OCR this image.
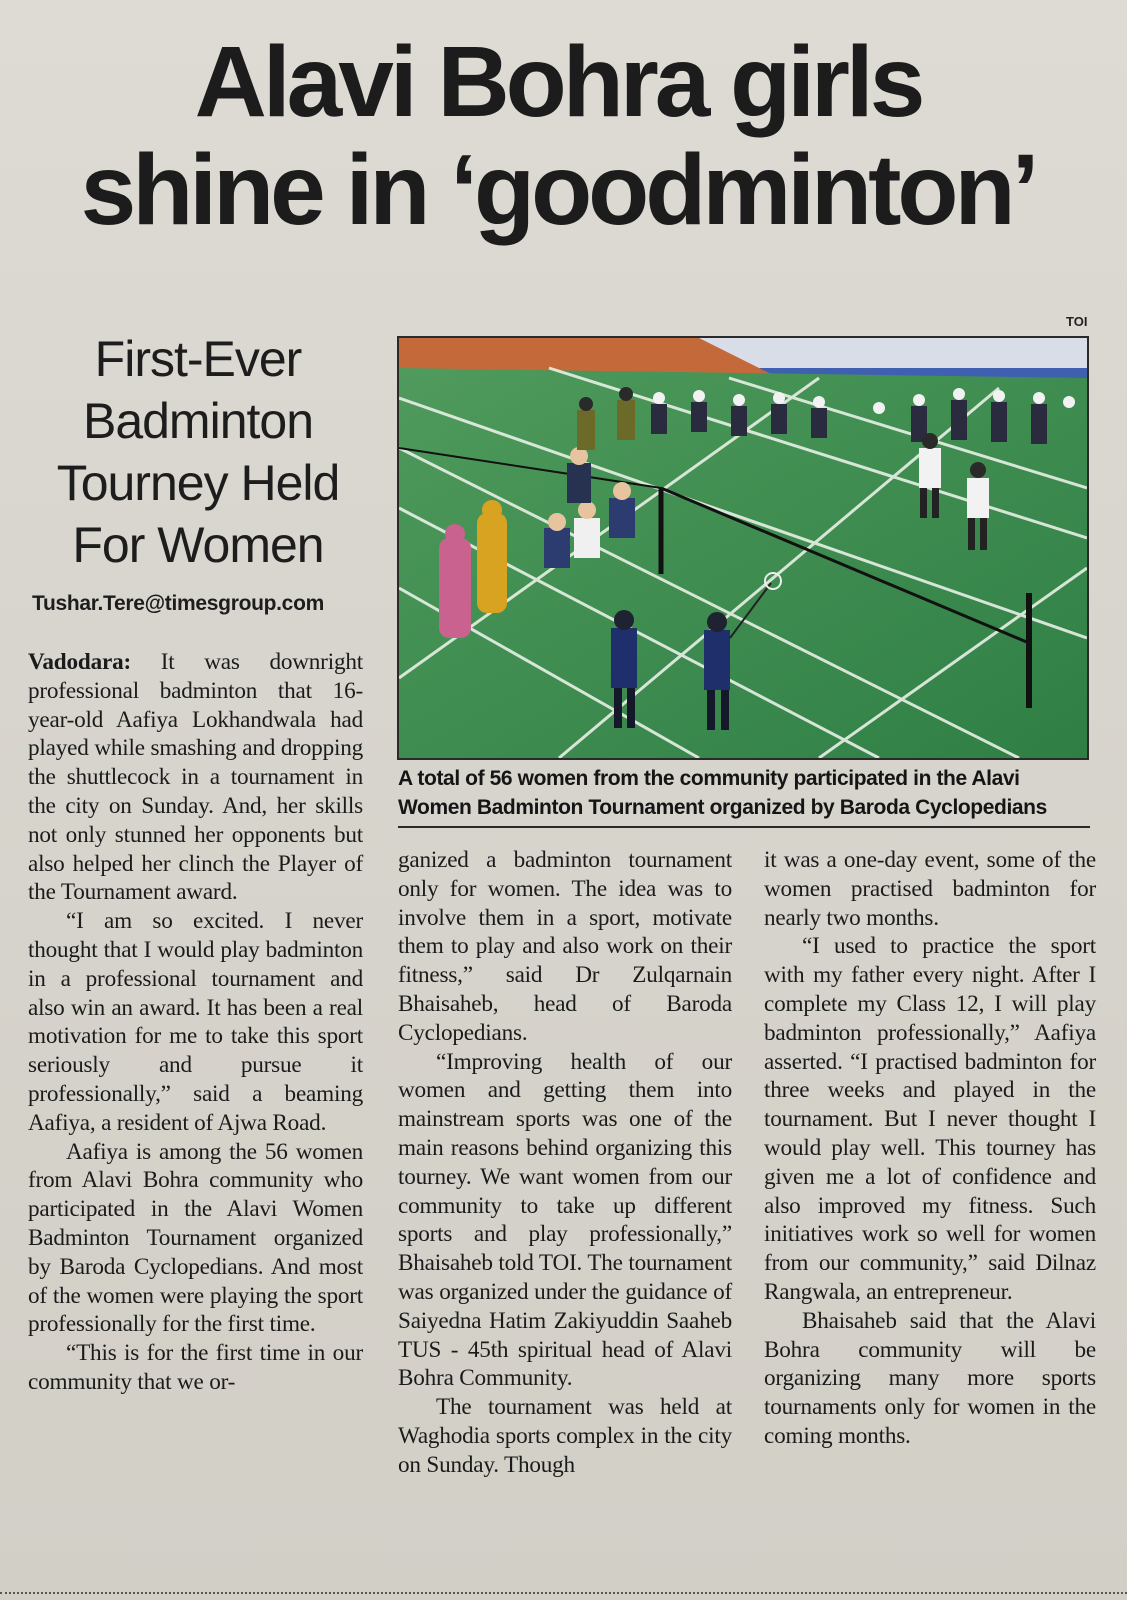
Alavi Bohra girls
shine in ‘goodminton’
First-Ever
Badminton
Tourney Held
For Women
Tushar.Tere@timesgroup.com
TOI
A total of 56 women from the community participated in the Alavi
Women Badminton Tournament organized by Baroda Cyclopedians

Vadodara: It was downright professional badminton that 16-year-old Aafiya Lokhandwala had played while smashing and dropping the shuttlecock in a tournament in the city on Sunday. And, her skills not only stunned her opponents but also helped her clinch the Player of the Tournament award.

“I am so excited. I never thought that I would play badminton in a professional tournament and also win an award. It has been a real motivation for me to take this sport seriously and pursue it professionally,” said a beaming Aafiya, a resident of Ajwa Road.

Aafiya is among the 56 women from Alavi Bohra community who participated in the Alavi Women Badminton Tournament organized by Baroda Cyclopedians. And most of the women were playing the sport professionally for the first time.

“This is for the first time in our community that we or-

ganized a badminton tournament only for women. The idea was to involve them in a sport, motivate them to play and also work on their fitness,” said Dr Zulqarnain Bhaisaheb, head of Baroda Cyclopedians.

“Improving health of our women and getting them into mainstream sports was one of the main reasons behind organizing this tourney. We want women from our community to take up different sports and play professionally,” Bhaisaheb told TOI. The tournament was organized under the guidance of Saiyedna Hatim Zakiyuddin Saaheb TUS - 45th spiritual head of Alavi Bohra Community.

The tournament was held at Waghodia sports complex in the city on Sunday. Though

it was a one-day event, some of the women practised badminton for nearly two months.

“I used to practice the sport with my father every night. After I complete my Class 12, I will play badminton professionally,” Aafiya asserted. “I practised badminton for three weeks and played in the tournament. But I never thought I would play well. This tourney has given me a lot of confidence and also improved my fitness. Such initiatives work so well for women from our community,” said Dilnaz Rangwala, an entrepreneur.

Bhaisaheb said that the Alavi Bohra community will be organizing many more sports tournaments only for women in the coming months.
